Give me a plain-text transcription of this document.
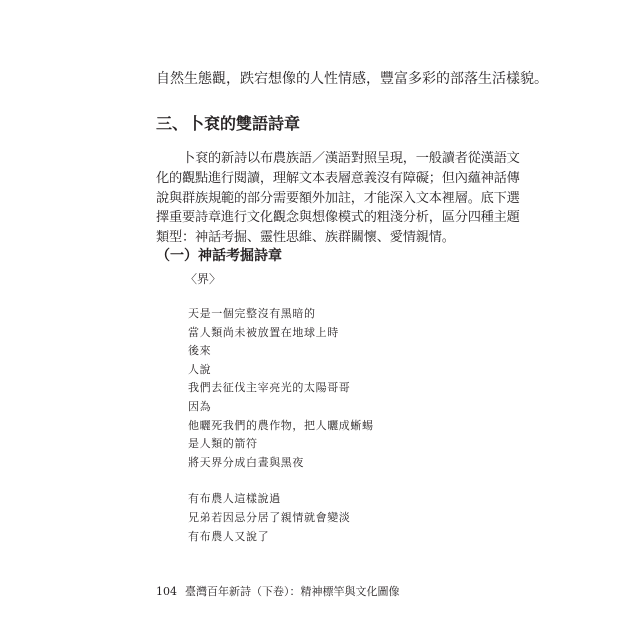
自然生態觀，跌宕想像的人性情感，豐富多彩的部落生活樣貌。
三、卜袞的雙語詩章
卜袞的新詩以布農族語／漢語對照呈現，一般讀者從漢語文
化的觀點進行閱讀，理解文本表層意義沒有障礙；但內蘊神話傳
說與群族規範的部分需要額外加註，才能深入文本裡層。底下選
擇重要詩章進行文化觀念與想像模式的粗淺分析，區分四種主題
類型：神話考掘、靈性思維、族群關懷、愛情親情。
（一）神話考掘詩章
〈界〉
天是一個完整沒有黑暗的
當人類尚未被放置在地球上時
後來
人說
我們去征伐主宰亮光的太陽哥哥
因為
他曬死我們的農作物，把人曬成蜥蜴
是人類的箭符
將天界分成白晝與黑夜
有布農人這樣說過
兄弟若因忌分居了親情就會變淡
有布農人又說了
104 臺灣百年新詩（下卷）：精神標竿與文化圖像
